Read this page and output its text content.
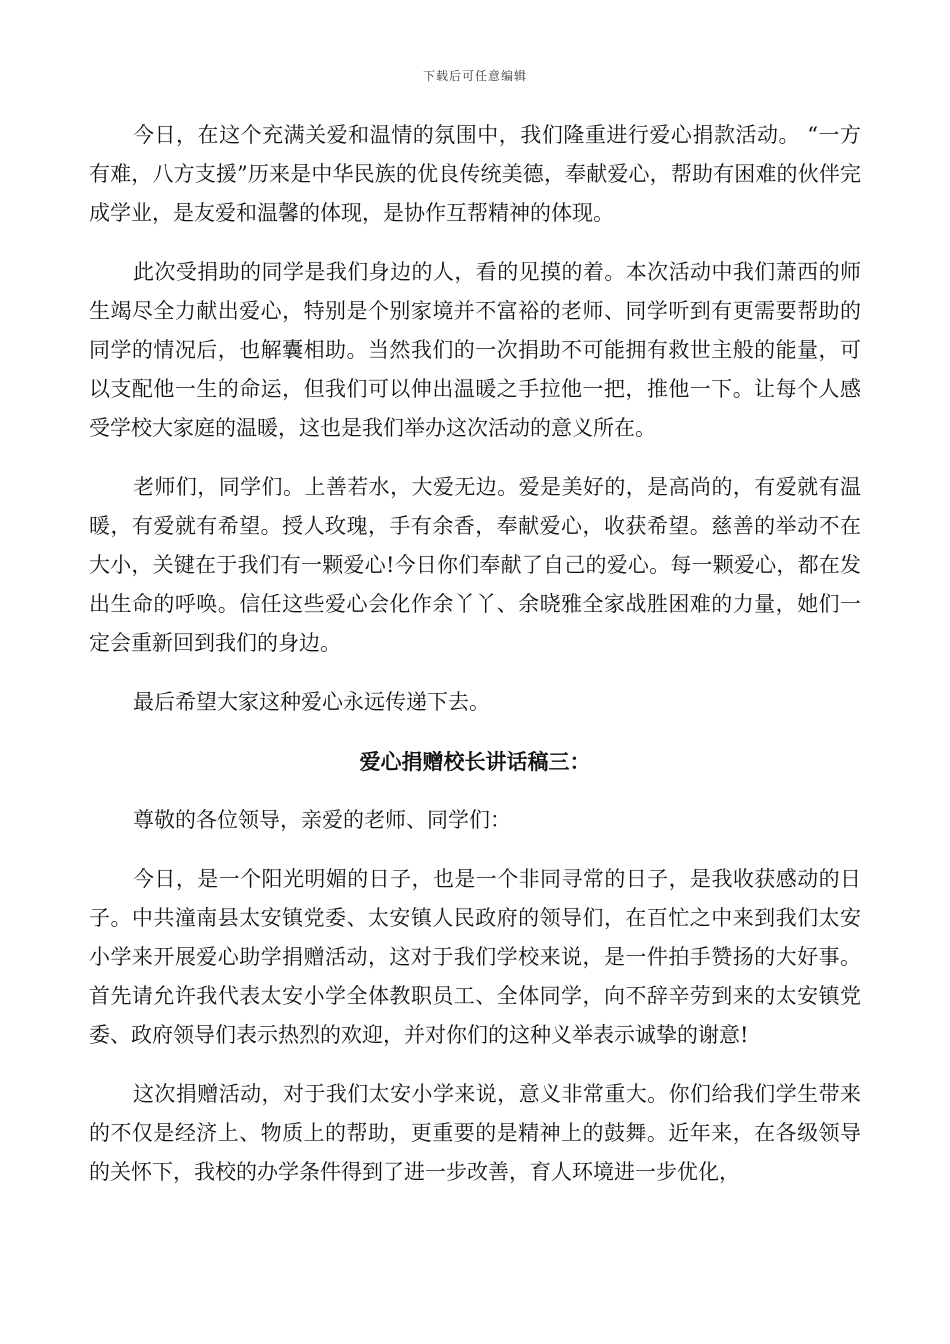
下载后可任意编辑

今日，在这个充满关爱和温情的氛围中，我们隆重进行爱心捐款活动。 “一方有难，八方支援”历来是中华民族的优良传统美德，奉献爱心，帮助有困难的伙伴完成学业，是友爱和温馨的体现，是协作互帮精神的体现。

此次受捐助的同学是我们身边的人，看的见摸的着。本次活动中我们萧西的师生竭尽全力献出爱心，特别是个别家境并不富裕的老师、同学听到有更需要帮助的同学的情况后，也解囊相助。当然我们的一次捐助不可能拥有救世主般的能量，可以支配他一生的命运，但我们可以伸出温暖之手拉他一把，推他一下。让每个人感受学校大家庭的温暖，这也是我们举办这次活动的意义所在。

老师们，同学们。上善若水，大爱无边。爱是美好的，是高尚的，有爱就有温暖，有爱就有希望。授人玫瑰，手有余香，奉献爱心，收获希望。慈善的举动不在大小，关键在于我们有一颗爱心!今日你们奉献了自己的爱心。每一颗爱心，都在发出生命的呼唤。信任这些爱心会化作余丫丫、余晓雅全家战胜困难的力量，她们一定会重新回到我们的身边。

最后希望大家这种爱心永远传递下去。

爱心捐赠校长讲话稿三：

尊敬的各位领导，亲爱的老师、同学们：

今日，是一个阳光明媚的日子，也是一个非同寻常的日子，是我收获感动的日子。中共潼南县太安镇党委、太安镇人民政府的领导们，在百忙之中来到我们太安小学来开展爱心助学捐赠活动，这对于我们学校来说，是一件拍手赞扬的大好事。首先请允许我代表太安小学全体教职员工、全体同学，向不辞辛劳到来的太安镇党委、政府领导们表示热烈的欢迎，并对你们的这种义举表示诚挚的谢意!

这次捐赠活动，对于我们太安小学来说，意义非常重大。你们给我们学生带来的不仅是经济上、物质上的帮助，更重要的是精神上的鼓舞。近年来，在各级领导的关怀下，我校的办学条件得到了进一步改善，育人环境进一步优化，
